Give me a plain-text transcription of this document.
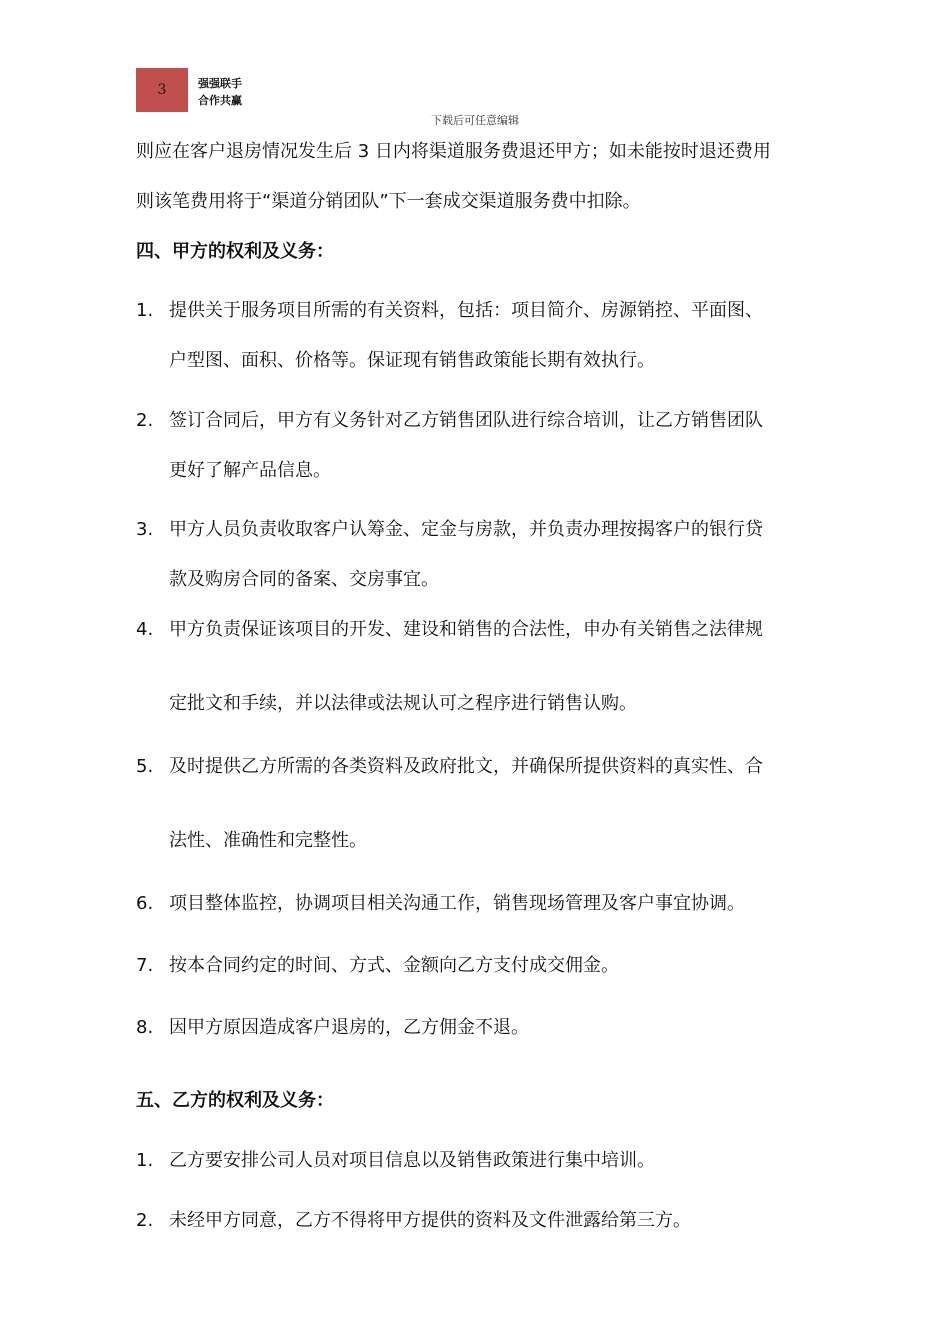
3	强强联手
合作共赢
下载后可任意编辑
则应在客户退房情况发生后 3 日内将渠道服务费退还甲方；如未能按时退还费用
则该笔费用将于“渠道分销团队”下一套成交渠道服务费中扣除。
四、甲方的权利及义务：
1. 提供关于服务项目所需的有关资料，包括：项目简介、房源销控、平面图、
户型图、面积、价格等。保证现有销售政策能长期有效执行。
2. 签订合同后，甲方有义务针对乙方销售团队进行综合培训，让乙方销售团队
更好了解产品信息。
3. 甲方人员负责收取客户认筹金、定金与房款，并负责办理按揭客户的银行贷
款及购房合同的备案、交房事宜。
4. 甲方负责保证该项目的开发、建设和销售的合法性，申办有关销售之法律规
定批文和手续，并以法律或法规认可之程序进行销售认购。
5. 及时提供乙方所需的各类资料及政府批文，并确保所提供资料的真实性、合
法性、准确性和完整性。
6. 项目整体监控，协调项目相关沟通工作，销售现场管理及客户事宜协调。
7. 按本合同约定的时间、方式、金额向乙方支付成交佣金。
8. 因甲方原因造成客户退房的，乙方佣金不退。
五、乙方的权利及义务：
1. 乙方要安排公司人员对项目信息以及销售政策进行集中培训。
2. 未经甲方同意，乙方不得将甲方提供的资料及文件泄露给第三方。
